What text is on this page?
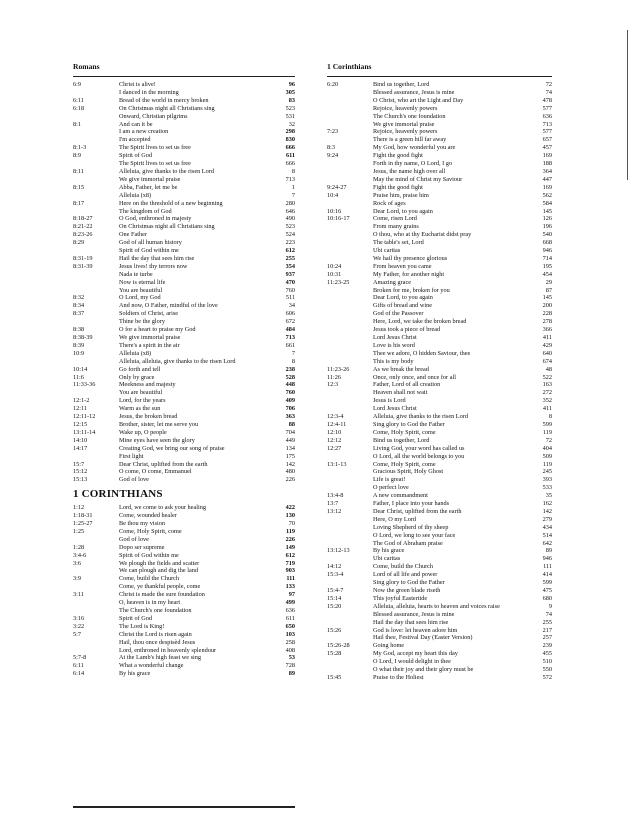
Romans
6:9	Christ is alive!	96
I danced in the morning	305
6:11	Bread of the world in mercy broken	83
6:18	On Christmas night all Christians sing	523
Onward, Christian pilgrims	531
8:1	And can it be	32
I am a new creation	298
I'm accepted	830
8:1-3	The Spirit lives to set us free	666
8:9	Spirit of God	611
The Spirit lives to set us free	666
8:11	Alleluia, give thanks to the risen Lord	8
We give immortal praise	713
8:15	Abba, Father, let me be	1
Alleluia (x8)	7
8:17	Here on the threshold of a new beginning	280
The kingdom of God	646
8:18-27	O God, enthroned in majesty	490
8:21-22	On Christmas night all Christians sing	523
8:23-26	One Father	524
8:29	God of all human history	223
Spirit of God within me	612
8:31-19	Hail the day that sees him rise	255
8:31-39	Jesus lives! thy terrors now	354
Nada te turbe	937
Now is eternal life	470
You are beautiful	760
8:32	O Lord, my God	511
8:34	And now, O Father, mindful of the love	34
8:37	Soldiers of Christ, arise	606
Thine be the glory	672
8:38	O for a heart to praise my God	484
8:38-39	We give immortal praise	713
8:39	There's a spirit in the air	661
10:9	Alleluia (x8)	7
Alleluia, alleluia, give thanks to the risen Lord	8
10:14	Go forth and tell	238
11:6	Only by grace	528
11:33-36	Meekness and majesty	448
You are beautiful	760
12:1-2	Lord, for the years	409
12:11	Warm as the sun	706
12:11-12	Jesus, the broken bread	363
12:15	Brother, sister, let me serve you	88
13:11-14	Wake up, O people	704
14:10	Mine eyes have seen the glory	449
14:17	Creating God, we bring our song of praise	134
First light	175
15:7	Dear Christ, uplifted from the earth	142
15:12	O come, O come, Emmanuel	480
15:13	God of love	226
1 CORINTHIANS
1:12	Lord, we come to ask your healing	422
1:18-31	Come, wounded healer	130
1:25-27	Be thou my vision	70
1:25	Come, Holy Spirit, come	119
God of love	226
1:28	Dopo ser supreme	149
3:4-6	Spirit of God within me	612
3:6	We plough the fields and scatter	719
We can plough and dig the land	903
3:9	Come, build the Church	111
Come, ye thankful people, come	133
3:11	Christ is made the sure foundation	97
O, heaven is in my heart	499
The Church's one foundation	636
3:16	Spirit of God	611
3:22	The Lord is King!	650
5:7	Christ the Lord is risen again	103
Hail, thou once despisèd Jesus	258
Lord, enthroned in heavenly splendour	408
5:7-8	At the Lamb's high feast we sing	53
6:11	What a wonderful change	728
6:14	By his grace	89
1 Corinthians
6:20	Bind us together, Lord	72
Blessed assurance, Jesus is mine	74
O Christ, who art the Light and Day	478
Rejoice, heavenly powers	577
The Church's one foundation	636
We give immortal praise	713
7:23	Rejoice, heavenly powers	577
There is a green hill far away	657
8:3	My God, how wonderful you are	457
9:24	Fight the good fight	169
Forth in thy name, O Lord, I go	188
Jesus, the name high over all	364
May the mind of Christ my Saviour	447
9:24-27	Fight the good fight	169
10:4	Praise him, praise him	562
Rock of ages	584
10:16	Dear Lord, to you again	145
10:16-17	Come, risen Lord	126
From many grains	196
O thou, who at thy Eucharist didst pray	540
The table's set, Lord	668
Ubi caritas	946
We hail thy presence glorious	714
10:24	From heaven you came	195
10:31	My Father, for another night	454
11:23-25	Amazing grace	29
Broken for me, broken for you	87
Dear Lord, to you again	145
Gifts of bread and wine	200
God of the Passover	228
Here, Lord, we take the broken bread	278
Jesus took a piece of bread	366
Lord Jesus Christ	411
Love is his word	429
Thee we adore, O hidden Saviour, thee	640
This is my body	674
11:23-26	As we break the bread	48
11:26	Once, only once, and once for all	522
12:3	Father, Lord of all creation	163
Heaven shall not wait	272
Jesus is Lord	352
Lord Jesus Christ	411
12:3-4	Alleluia, give thanks to the risen Lord	8
12:4-11	Sing glory to God the Father	599
12:10	Come, Holy Spirit, come	119
12:12	Bind us together, Lord	72
12:27	Living God, your word has called us	404
O Lord, all the world belongs to you	509
13:1-13	Come, Holy Spirit, come	119
Gracious Spirit, Holy Ghost	245
Life is great!	393
O perfect love	533
13:4-8	A new commandment	35
13:7	Father, I place into your hands	162
13:12	Dear Christ, uplifted from the earth	142
Here, O my Lord	279
Loving Shepherd of thy sheep	434
O Lord, we long to see your face	514
The God of Abraham praise	642
13:12-13	By his grace	89
Ubi caritas	946
14:12	Come, build the Church	111
15:3-4	Lord of all life and power	414
Sing glory to God the Father	599
15:4-7	Now the green blade riseth	475
15:14	This joyful Eastertide	680
15:20	Alleluia, alleluia, hearts to heaven and voices raise	9
Blessed assurance, Jesus is mine	74
Hail the day that sees him rise	255
15:26	God is love: let heaven adore him	217
Hail thee, Festival Day (Easter Version)	257
15:26-28	Going home	239
15:28	My God, accept my heart this day	455
O Lord, I would delight in thee	510
O what their joy and their glory must be	550
15:45	Praise to the Holiest	572
